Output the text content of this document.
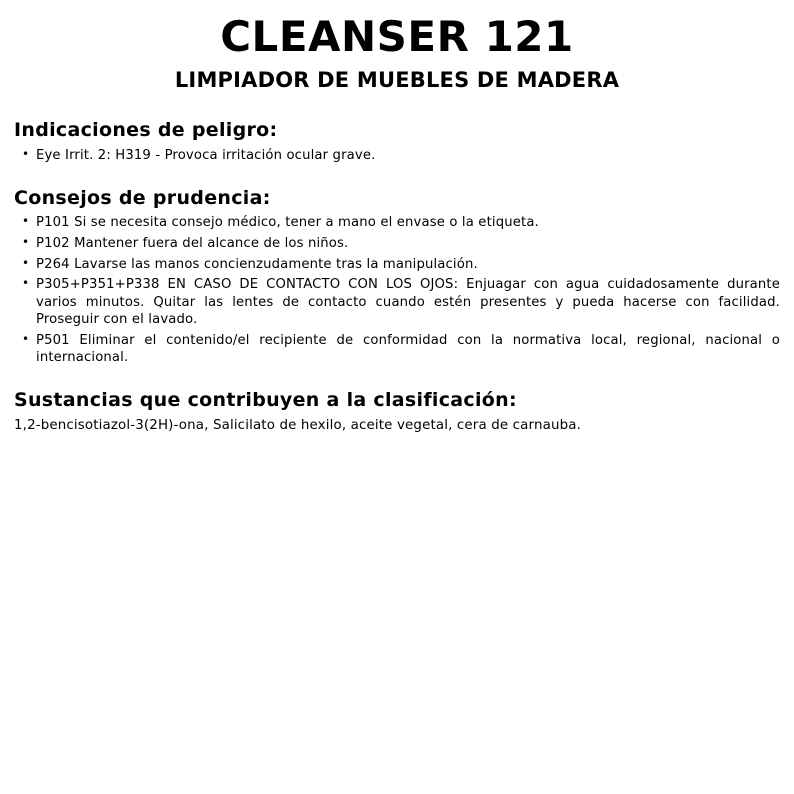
CLEANSER 121
LIMPIADOR DE MUEBLES DE MADERA
Indicaciones de peligro:
• Eye Irrit. 2: H319 - Provoca irritación ocular grave.
Consejos de prudencia:
• P101 Si se necesita consejo médico, tener a mano el envase o la etiqueta.
• P102 Mantener fuera del alcance de los niños.
• P264 Lavarse las manos concienzudamente tras la manipulación.
• P305+P351+P338 EN CASO DE CONTACTO CON LOS OJOS: Enjuagar con agua cuidadosamente durante varios minutos. Quitar las lentes de contacto cuando estén presentes y pueda hacerse con facilidad. Proseguir con el lavado.
• P501 Eliminar el contenido/el recipiente de conformidad con la normativa local, regional, nacional o internacional.
Sustancias que contribuyen a la clasificación:
1,2-bencisotiazol-3(2H)-ona, Salicilato de hexilo, aceite vegetal, cera de carnauba.
